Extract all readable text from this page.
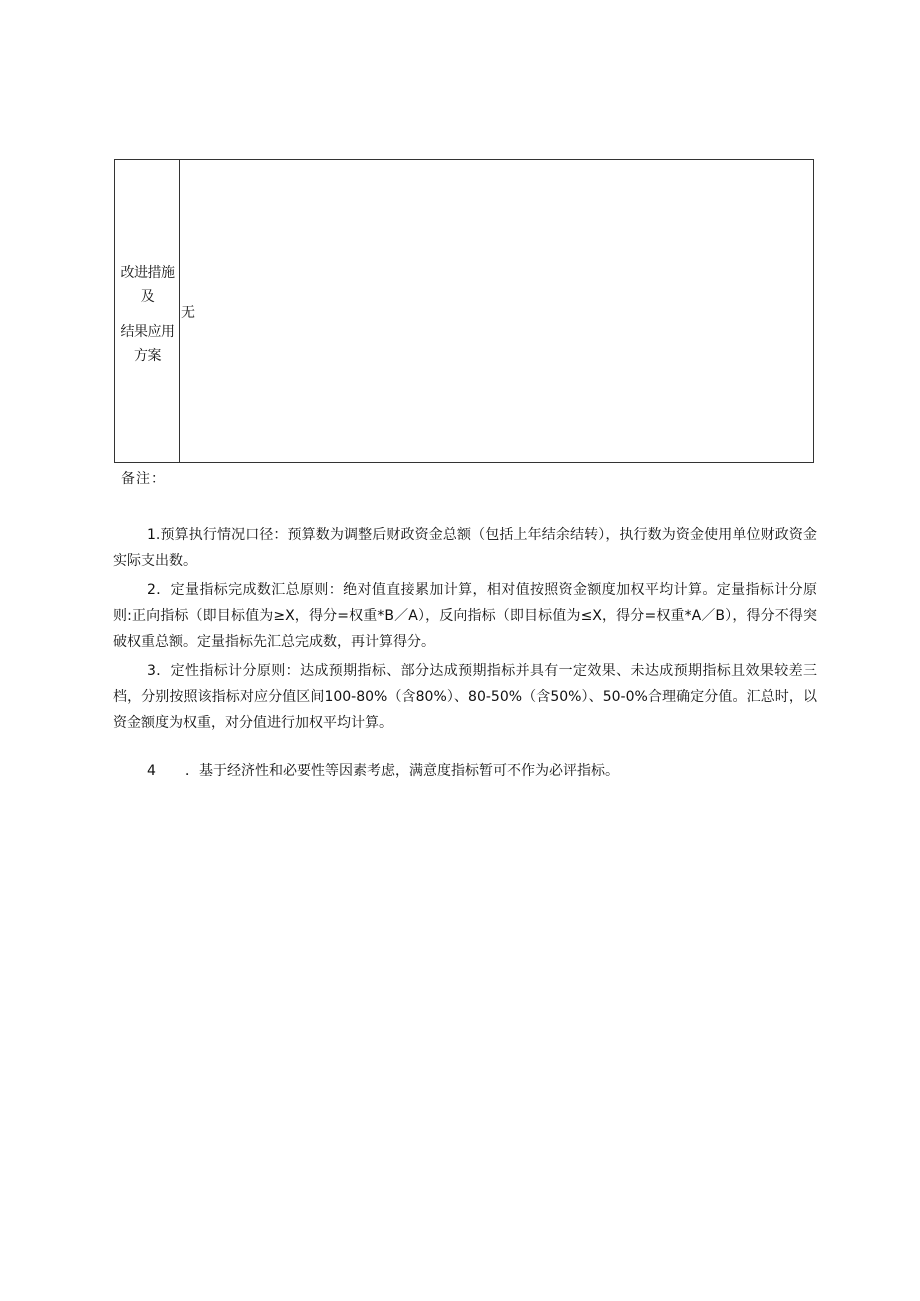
改进措施
及
结果应用
方案
无
备注：

1.预算执行情况口径：预算数为调整后财政资金总额（包括上年结余结转），执行数为资金使用单位财政资金实际支出数。

2．定量指标完成数汇总原则：绝对值直接累加计算，相对值按照资金额度加权平均计算。定量指标计分原则:正向指标（即目标值为≥X，得分=权重*B／A），反向指标（即目标值为≤X，得分=权重*A／B），得分不得突破权重总额。定量指标先汇总完成数，再计算得分。

3．定性指标计分原则：达成预期指标、部分达成预期指标并具有一定效果、未达成预期指标且效果较差三档，分别按照该指标对应分值区间100-80%（含80%）、80-50%（含50%）、50-0%合理确定分值。汇总时，以资金额度为权重，对分值进行加权平均计算。

4 ．基于经济性和必要性等因素考虑，满意度指标暂可不作为必评指标。
